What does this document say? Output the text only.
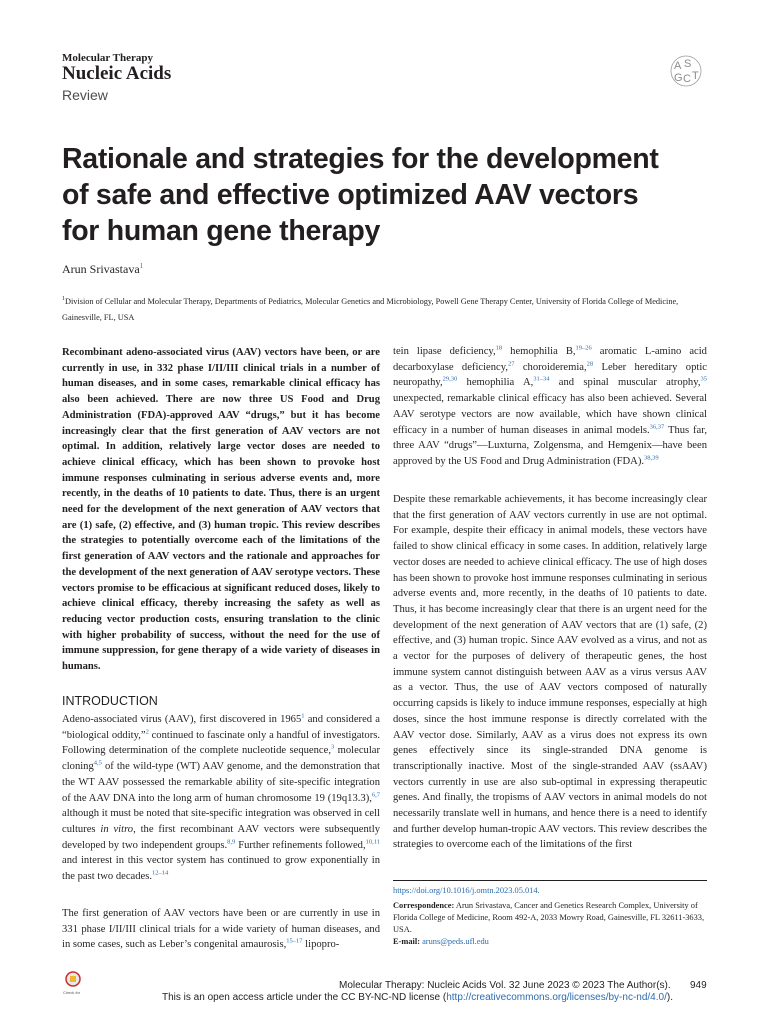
Molecular Therapy
Nucleic Acids
Review
A S
G C T
Rationale and strategies for the development of safe and effective optimized AAV vectors for human gene therapy
Arun Srivastava$^1$
$^1$Division of Cellular and Molecular Therapy, Departments of Pediatrics, Molecular Genetics and Microbiology, Powell Gene Therapy Center, University of Florida College of Medicine, Gainesville, FL, USA

Recombinant adeno-associated virus (AAV) vectors have been, or are currently in use, in 332 phase I/II/III clinical trials in a number of human diseases, and in some cases, remarkable clinical efficacy has also been achieved. There are now three US Food and Drug Administration (FDA)-approved AAV “drugs,” but it has become increasingly clear that the first generation of AAV vectors are not optimal. In addition, relatively large vector doses are needed to achieve clinical efficacy, which has been shown to provoke host immune responses culminating in serious adverse events and, more recently, in the deaths of 10 patients to date. Thus, there is an urgent need for the development of the next generation of AAV vectors that are (1) safe, (2) effective, and (3) human tropic. This review describes the strategies to potentially overcome each of the limitations of the first generation of AAV vectors and the rationale and approaches for the development of the next generation of AAV serotype vectors. These vectors promise to be efficacious at significant reduced doses, likely to achieve clinical efficacy, thereby increasing the safety as well as reducing vector production costs, ensuring translation to the clinic with higher probability of success, without the need for the use of immune suppression, for gene therapy of a wide variety of diseases in humans.

INTRODUCTION

Adeno-associated virus (AAV), first discovered in 1965$^1$ and considered a “biological oddity,”$^2$ continued to fascinate only a handful of investigators. Following determination of the complete nucleotide sequence,$^3$ molecular cloning$^{4,5}$ of the wild-type (WT) AAV genome, and the demonstration that the WT AAV possessed the remarkable ability of site-specific integration of the AAV DNA into the long arm of human chromosome 19 (19q13.3),$^{6,7}$ although it must be noted that site-specific integration was observed in cell cultures in vitro, the first recombinant AAV vectors were subsequently developed by two independent groups.$^{8,9}$ Further refinements followed,$^{10,11}$ and interest in this vector system has continued to grow exponentially in the past two decades.$^{12-14}$

The first generation of AAV vectors have been or are currently in use in 331 phase I/II/III clinical trials for a wide variety of human diseases, and in some cases, such as Leber’s congenital amaurosis,$^{15-17}$ lipopro-

tein lipase deficiency,$^{18}$ hemophilia B,$^{19-26}$ aromatic L-amino acid decarboxylase deficiency,$^{27}$ choroideremia,$^{28}$ Leber hereditary optic neuropathy,$^{29,30}$ hemophilia A,$^{31-34}$ and spinal muscular atrophy,$^{35}$ unexpected, remarkable clinical efficacy has also been achieved. Several AAV serotype vectors are now available, which have shown clinical efficacy in a number of human diseases in animal models.$^{36,37}$ Thus far, three AAV “drugs”—Luxturna, Zolgensma, and Hemgenix—have been approved by the US Food and Drug Administration (FDA).$^{38,39}$

Despite these remarkable achievements, it has become increasingly clear that the first generation of AAV vectors currently in use are not optimal. For example, despite their efficacy in animal models, these vectors have failed to show clinical efficacy in some cases. In addition, relatively large vector doses are needed to achieve clinical efficacy. The use of high doses has been shown to provoke host immune responses culminating in serious adverse events and, more recently, in the deaths of 10 patients to date. Thus, it has become increasingly clear that there is an urgent need for the development of the next generation of AAV vectors that are (1) safe, (2) effective, and (3) human tropic. Since AAV evolved as a virus, and not as a vector for the purposes of delivery of therapeutic genes, the host immune system cannot distinguish between AAV as a virus versus AAV as a vector. Thus, the use of AAV vectors composed of naturally occurring capsids is likely to induce immune responses, especially at high doses, since the host immune response is directly correlated with the AAV vector dose. Similarly, AAV as a virus does not express its own genes effectively since its single-stranded DNA genome is transcriptionally inactive. Most of the single-stranded AAV (ssAAV) vectors currently in use are also sub-optimal in expressing therapeutic genes. And finally, the tropisms of AAV vectors in animal models do not necessarily translate well in humans, and hence there is a need to identify and further develop human-tropic AAV vectors. This review describes the strategies to overcome each of the limitations of the first

https://doi.org/10.1016/j.omtn.2023.05.014.
Correspondence: Arun Srivastava, Cancer and Genetics Research Complex, University of Florida College of Medicine, Room 492-A, 2033 Mowry Road, Gainesville, FL 32611-3633, USA.
E-mail: aruns@peds.ufl.edu
Check for
Molecular Therapy: Nucleic Acids Vol. 32 June 2023 © 2023 The Author(s). 949
This is an open access article under the CC BY-NC-ND license (http://creativecommons.org/licenses/by-nc-nd/4.0/).
